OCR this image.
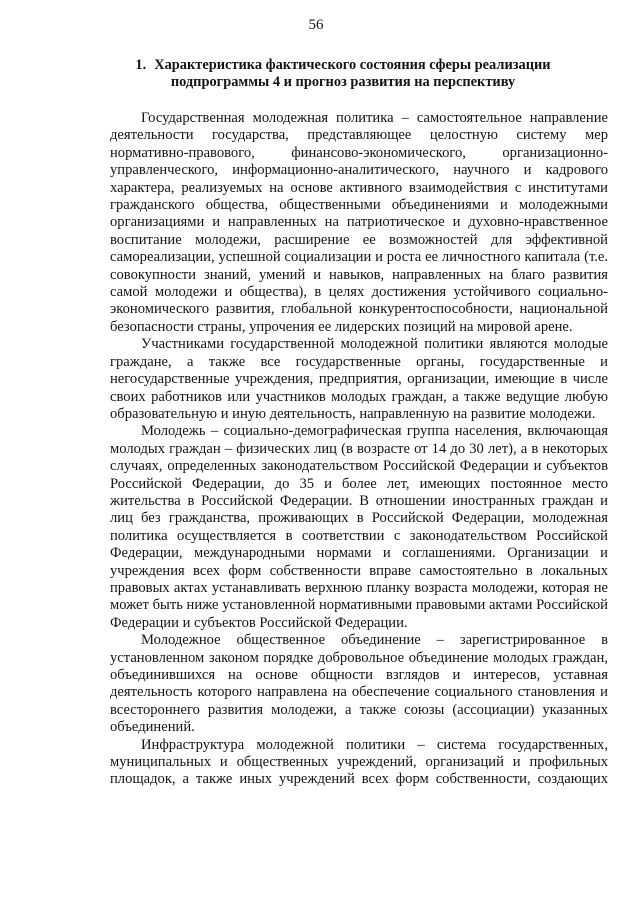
56
1. Характеристика фактического состояния сферы реализации подпрограммы 4 и прогноз развития на перспективу

Государственная молодежная политика – самостоятельное направление деятельности государства, представляющее целостную систему мер нормативно-правового, финансово-экономического, организационно-управленческого, информационно-аналитического, научного и кадрового характера, реализуемых на основе активного взаимодействия с институтами гражданского общества, общественными объединениями и молодежными организациями и направленных на патриотическое и духовно-нравственное воспитание молодежи, расширение ее возможностей для эффективной самореализации, успешной социализации и роста ее личностного капитала (т.е. совокупности знаний, умений и навыков, направленных на благо развития самой молодежи и общества), в целях достижения устойчивого социально-экономического развития, глобальной конкурентоспособности, национальной безопасности страны, упрочения ее лидерских позиций на мировой арене.

Участниками государственной молодежной политики являются молодые граждане, а также все государственные органы, государственные и негосударственные учреждения, предприятия, организации, имеющие в числе своих работников или участников молодых граждан, а также ведущие любую образовательную и иную деятельность, направленную на развитие молодежи.

Молодежь – социально-демографическая группа населения, включающая молодых граждан – физических лиц (в возрасте от 14 до 30 лет), а в некоторых случаях, определенных законодательством Российской Федерации и субъектов Российской Федерации, до 35 и более лет, имеющих постоянное место жительства в Российской Федерации. В отношении иностранных граждан и лиц без гражданства, проживающих в Российской Федерации, молодежная политика осуществляется в соответствии с законодательством Российской Федерации, международными нормами и соглашениями. Организации и учреждения всех форм собственности вправе самостоятельно в локальных правовых актах устанавливать верхнюю планку возраста молодежи, которая не может быть ниже установленной нормативными правовыми актами Российской Федерации и субъектов Российской Федерации.

Молодежное общественное объединение – зарегистрированное в установленном законом порядке добровольное объединение молодых граждан, объединившихся на основе общности взглядов и интересов, уставная деятельность которого направлена на обеспечение социального становления и всестороннего развития молодежи, а также союзы (ассоциации) указанных объединений.

Инфраструктура молодежной политики – система государственных, муниципальных и общественных учреждений, организаций и профильных площадок, а также иных учреждений всех форм собственности, создающих
